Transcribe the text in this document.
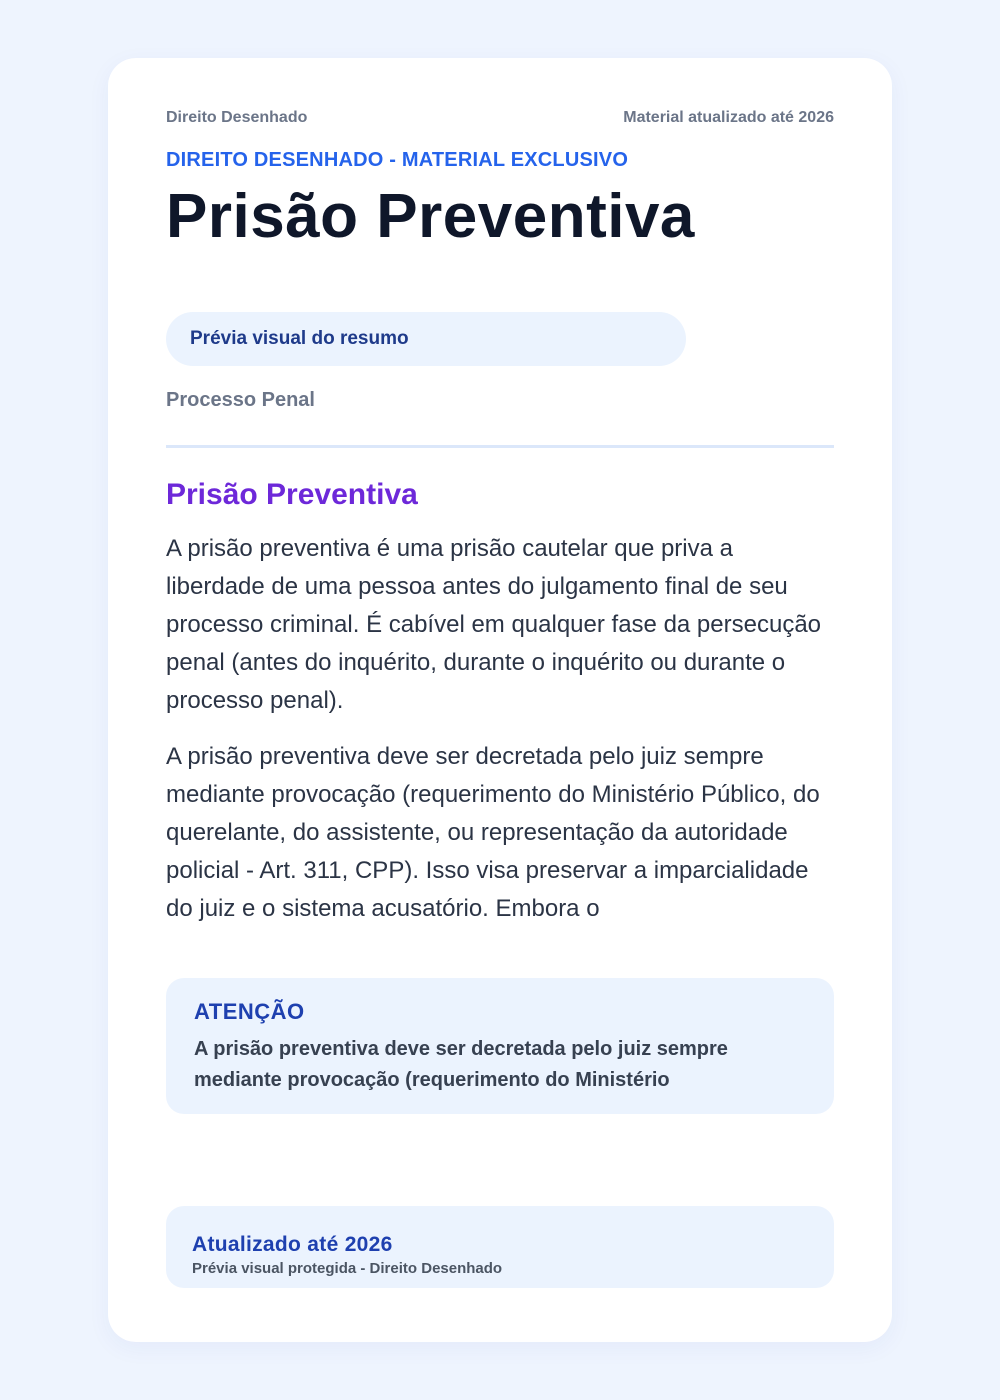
Direito Desenhado	Material atualizado até 2026
DIREITO DESENHADO - MATERIAL EXCLUSIVO
Prisão Preventiva
Prévia visual do resumo
Processo Penal
Prisão Preventiva

A prisão preventiva é uma prisão cautelar que priva a liberdade de uma pessoa antes do julgamento final de seu processo criminal. É cabível em qualquer fase da persecução penal (antes do inquérito, durante o inquérito ou durante o processo penal).

A prisão preventiva deve ser decretada pelo juiz sempre mediante provocação (requerimento do Ministério Público, do querelante, do assistente, ou representação da autoridade policial - Art. 311, CPP). Isso visa preservar a imparcialidade do juiz e o sistema acusatório. Embora o

ATENÇÃO
A prisão preventiva deve ser decretada pelo juiz sempre mediante provocação (requerimento do Ministério
Atualizado até 2026
Prévia visual protegida - Direito Desenhado
